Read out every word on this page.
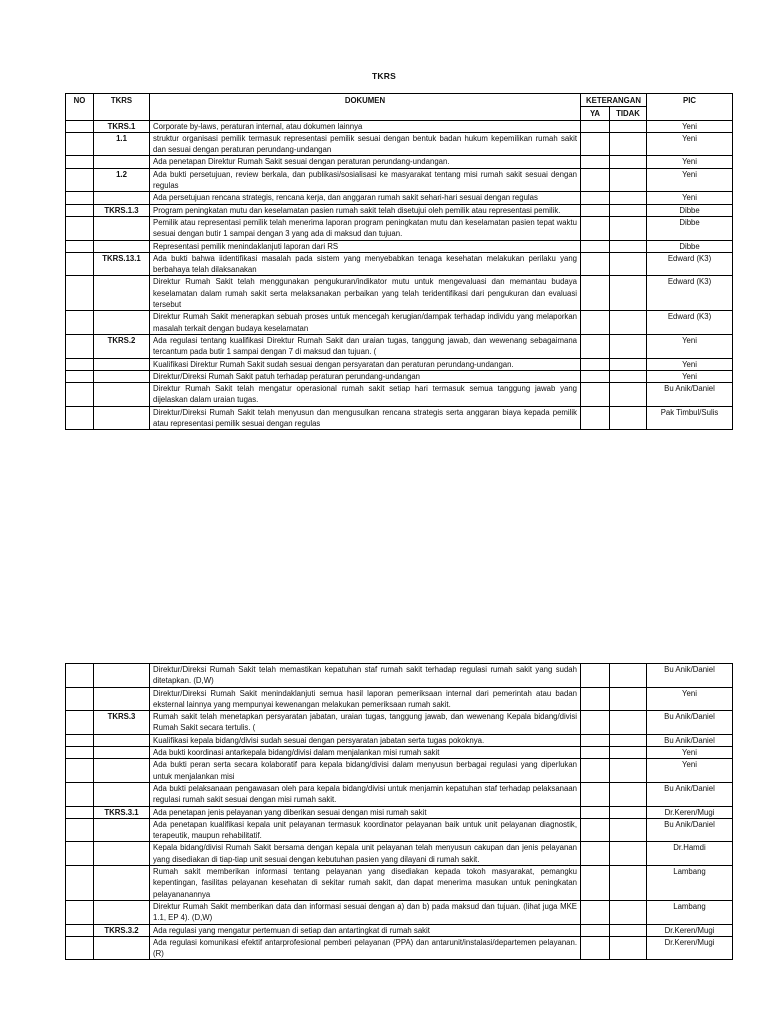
TKRS
NO	TKRS	DOKUMEN	KETERANGAN		PIC
			YA	TIDAK	
	TKRS.1	Corporate by-laws, peraturan internal, atau dokumen lainnya			Yeni
	1.1	struktur organisasi pemilik termasuk representasi pemilik sesuai dengan bentuk badan hukum kepemilikan rumah sakit dan sesuai dengan peraturan perundang-undangan			Yeni
		Ada penetapan Direktur Rumah Sakit sesuai dengan peraturan perundang-undangan.			Yeni
	1.2	Ada bukti persetujuan, review berkala, dan publikasi/sosialisasi ke masyarakat tentang misi rumah sakit sesuai dengan regulas			Yeni
		Ada persetujuan rencana strategis, rencana kerja, dan anggaran rumah sakit sehari-hari sesuai dengan regulas			Yeni
	TKRS.1.3	Program peningkatan mutu dan keselamatan pasien rumah sakit telah disetujui oleh pemilik atau representasi pemilik.			Dibbe
		Pemilik atau representasi pemilik telah menerima laporan program peningkatan mutu dan keselamatan pasien tepat waktu sesuai dengan butir 1 sampai dengan 3 yang ada di maksud dan tujuan.			Dibbe
		Representasi pemilik menindaklanjuti laporan dari RS			Dibbe
	TKRS.13.1	Ada bukti bahwa iidentifikasi masalah pada sistem yang menyebabkan tenaga kesehatan melakukan perilaku yang berbahaya telah dilaksanakan			Edward (K3)
		Direktur Rumah Sakit telah menggunakan pengukuran/indikator mutu untuk mengevaluasi dan memantau budaya keselamatan dalam rumah sakit serta melaksanakan perbaikan yang telah teridentifikasi dari pengukuran dan evaluasi tersebut			Edward (K3)
		Direktur Rumah Sakit menerapkan sebuah proses untuk mencegah kerugian/dampak terhadap individu yang melaporkan masalah terkait dengan budaya keselamatan			Edward (K3)
	TKRS.2	Ada regulasi tentang kualifikasi Direktur Rumah Sakit dan uraian tugas, tanggung jawab, dan wewenang sebagaimana tercantum pada butir 1 sampai dengan 7 di maksud dan tujuan. (			Yeni
		Kualifikasi Direktur Rumah Sakit sudah sesuai dengan persyaratan dan peraturan perundang-undangan.			Yeni
		Direktur/Direksi Rumah Sakit patuh terhadap peraturan perundang-undangan			Yeni
		Direktur Rumah Sakit telah mengatur operasional rumah sakit setiap hari termasuk semua tanggung jawab yang dijelaskan dalam uraian tugas.			Bu Anik/Daniel
		Direktur/Direksi Rumah Sakit telah menyusun dan mengusulkan rencana strategis serta anggaran biaya kepada pemilik atau representasi pemilik sesuai dengan regulas			Pak Timbul/Sulis
		Direktur/Direksi Rumah Sakit telah memastikan kepatuhan staf rumah sakit terhadap regulasi rumah sakit yang sudah ditetapkan. (D,W)			Bu Anik/Daniel
		Direktur/Direksi Rumah Sakit menindaklanjuti semua hasil laporan pemeriksaan internal dari pemerintah atau badan eksternal lainnya yang mempunyai kewenangan melakukan pemeriksaan rumah sakit.			Yeni
	TKRS.3	Rumah sakit telah menetapkan persyaratan jabatan, uraian tugas, tanggung jawab, dan wewenang Kepala bidang/divisi Rumah Sakit secara tertulis. (			Bu Anik/Daniel
		Kualifikasi kepala bidang/divisi sudah sesuai dengan persyaratan jabatan serta tugas pokoknya.			Bu Anik/Daniel
		Ada bukti koordinasi antarkepala bidang/divisi dalam menjalankan misi rumah sakit			Yeni
		Ada bukti peran serta secara kolaboratif para kepala bidang/divisi dalam menyusun berbagai regulasi yang diperlukan untuk menjalankan misi			Yeni
		Ada bukti pelaksanaan pengawasan oleh para kepala bidang/divisi untuk menjamin kepatuhan staf terhadap pelaksanaan regulasi rumah sakit sesuai dengan misi rumah sakit.			Bu Anik/Daniel
	TKRS.3.1	Ada penetapan jenis pelayanan yang diberikan sesuai dengan misi rumah sakit			Dr.Keren/Mugi
		Ada penetapan kualifikasi kepala unit pelayanan termasuk koordinator pelayanan baik untuk unit pelayanan diagnostik, terapeutik, maupun rehabilitatif.			Bu Anik/Daniel
		Kepala bidang/divisi Rumah Sakit bersama dengan kepala unit pelayanan telah menyusun cakupan dan jenis pelayanan yang disediakan di tiap-tiap unit sesuai dengan kebutuhan pasien yang dilayani di rumah sakit.			Dr.Hamdi
		Rumah sakit memberikan informasi tentang pelayanan yang disediakan kepada tokoh masyarakat, pemangku kepentingan, fasilitas pelayanan kesehatan di sekitar rumah sakit, dan dapat menerima masukan untuk peningkatan pelayananannya			Lambang
		Direktur Rumah Sakit memberikan data dan informasi sesuai dengan a) dan b) pada maksud dan tujuan. (lihat juga MKE 1.1, EP 4). (D,W)			Lambang
	TKRS.3.2	Ada regulasi yang mengatur pertemuan di setiap dan antartingkat di rumah sakit			Dr.Keren/Mugi
		Ada regulasi komunikasi efektif antarprofesional pemberi pelayanan (PPA) dan antarunit/instalasi/departemen pelayanan. (R)			Dr.Keren/Mugi
